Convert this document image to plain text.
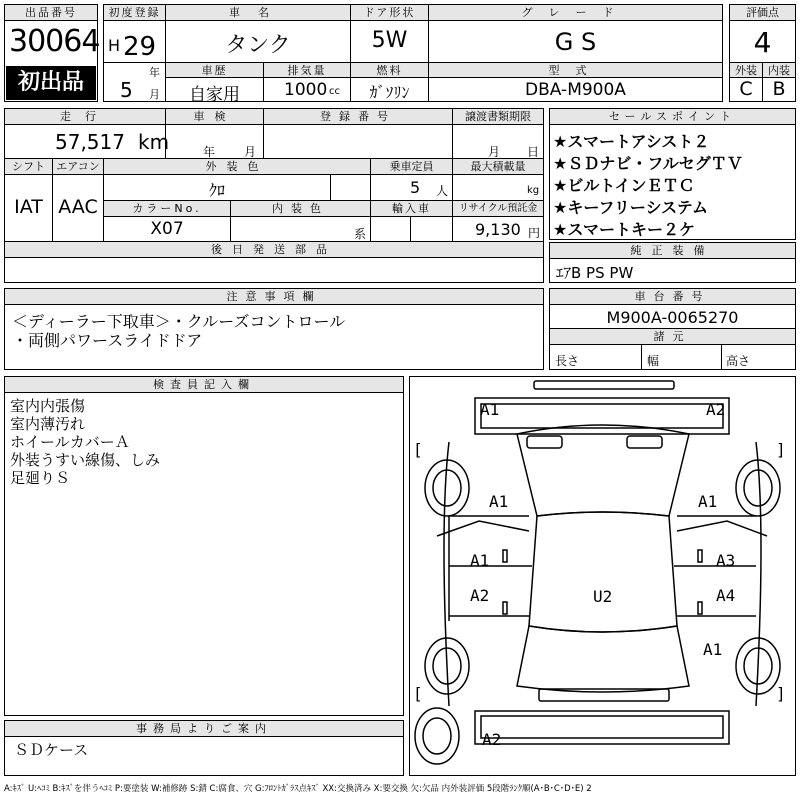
出品番号
30064
初出品
初度登録
H 29
年
5 月
車名
タンク
ドア形状
5W
グレード
G S
車歴
自家用
排気量
1000 cc
燃料
ｶﾞｿﾘﾝ
型式
DBA-M900A
評価点
4
外装	内装
C	B
走行
57,517 km
車検
年 月
登録番号	譲渡書類期限
月 日
シフト	エアコン
IAT AAC
外装色
ｸﾛ
乗車定員
5 人
最大積載量
kg
カラーNo.
X07
内装色
系
輸入車	リサイクル預託金
9,130 円
後日発送部品
セールスポイント
★スマートアシスト２
★ＳＤナビ・フルセグＴＶ
★ビルトインＥＴＣ
★キーフリーシステム
★スマートキー２ケ
純正装備
ｴｱB PS PW
注意事項欄
＜ディーラー下取車＞・クルーズコントロール
・両側パワースライドドア
車台番号
M900A-0065270
諸元
長さ	幅	高さ
検査員記入欄
室内内張傷
室内薄汚れ
ホイールカバーＡ
外装うすい線傷、しみ
足廻りＳ
事務局よりご案内
ＳＤケース
A1	A2
[	]
A1	A1
A1	A3
A2	A4
U2
[	]
A1
A2
A:ｷｽﾞ U:ﾍｺﾐ B:ｷｽﾞを伴うﾍｺﾐ P:要塗装 W:補修跡 S:錆 C:腐食、穴 G:ﾌﾛﾝﾄｶﾞﾗｽ点ｷｽﾞ XX:交換済み X:要交換 欠:欠品 内外装評価 5段階ﾗﾝｸ順(A･B･C･D･E) 2
